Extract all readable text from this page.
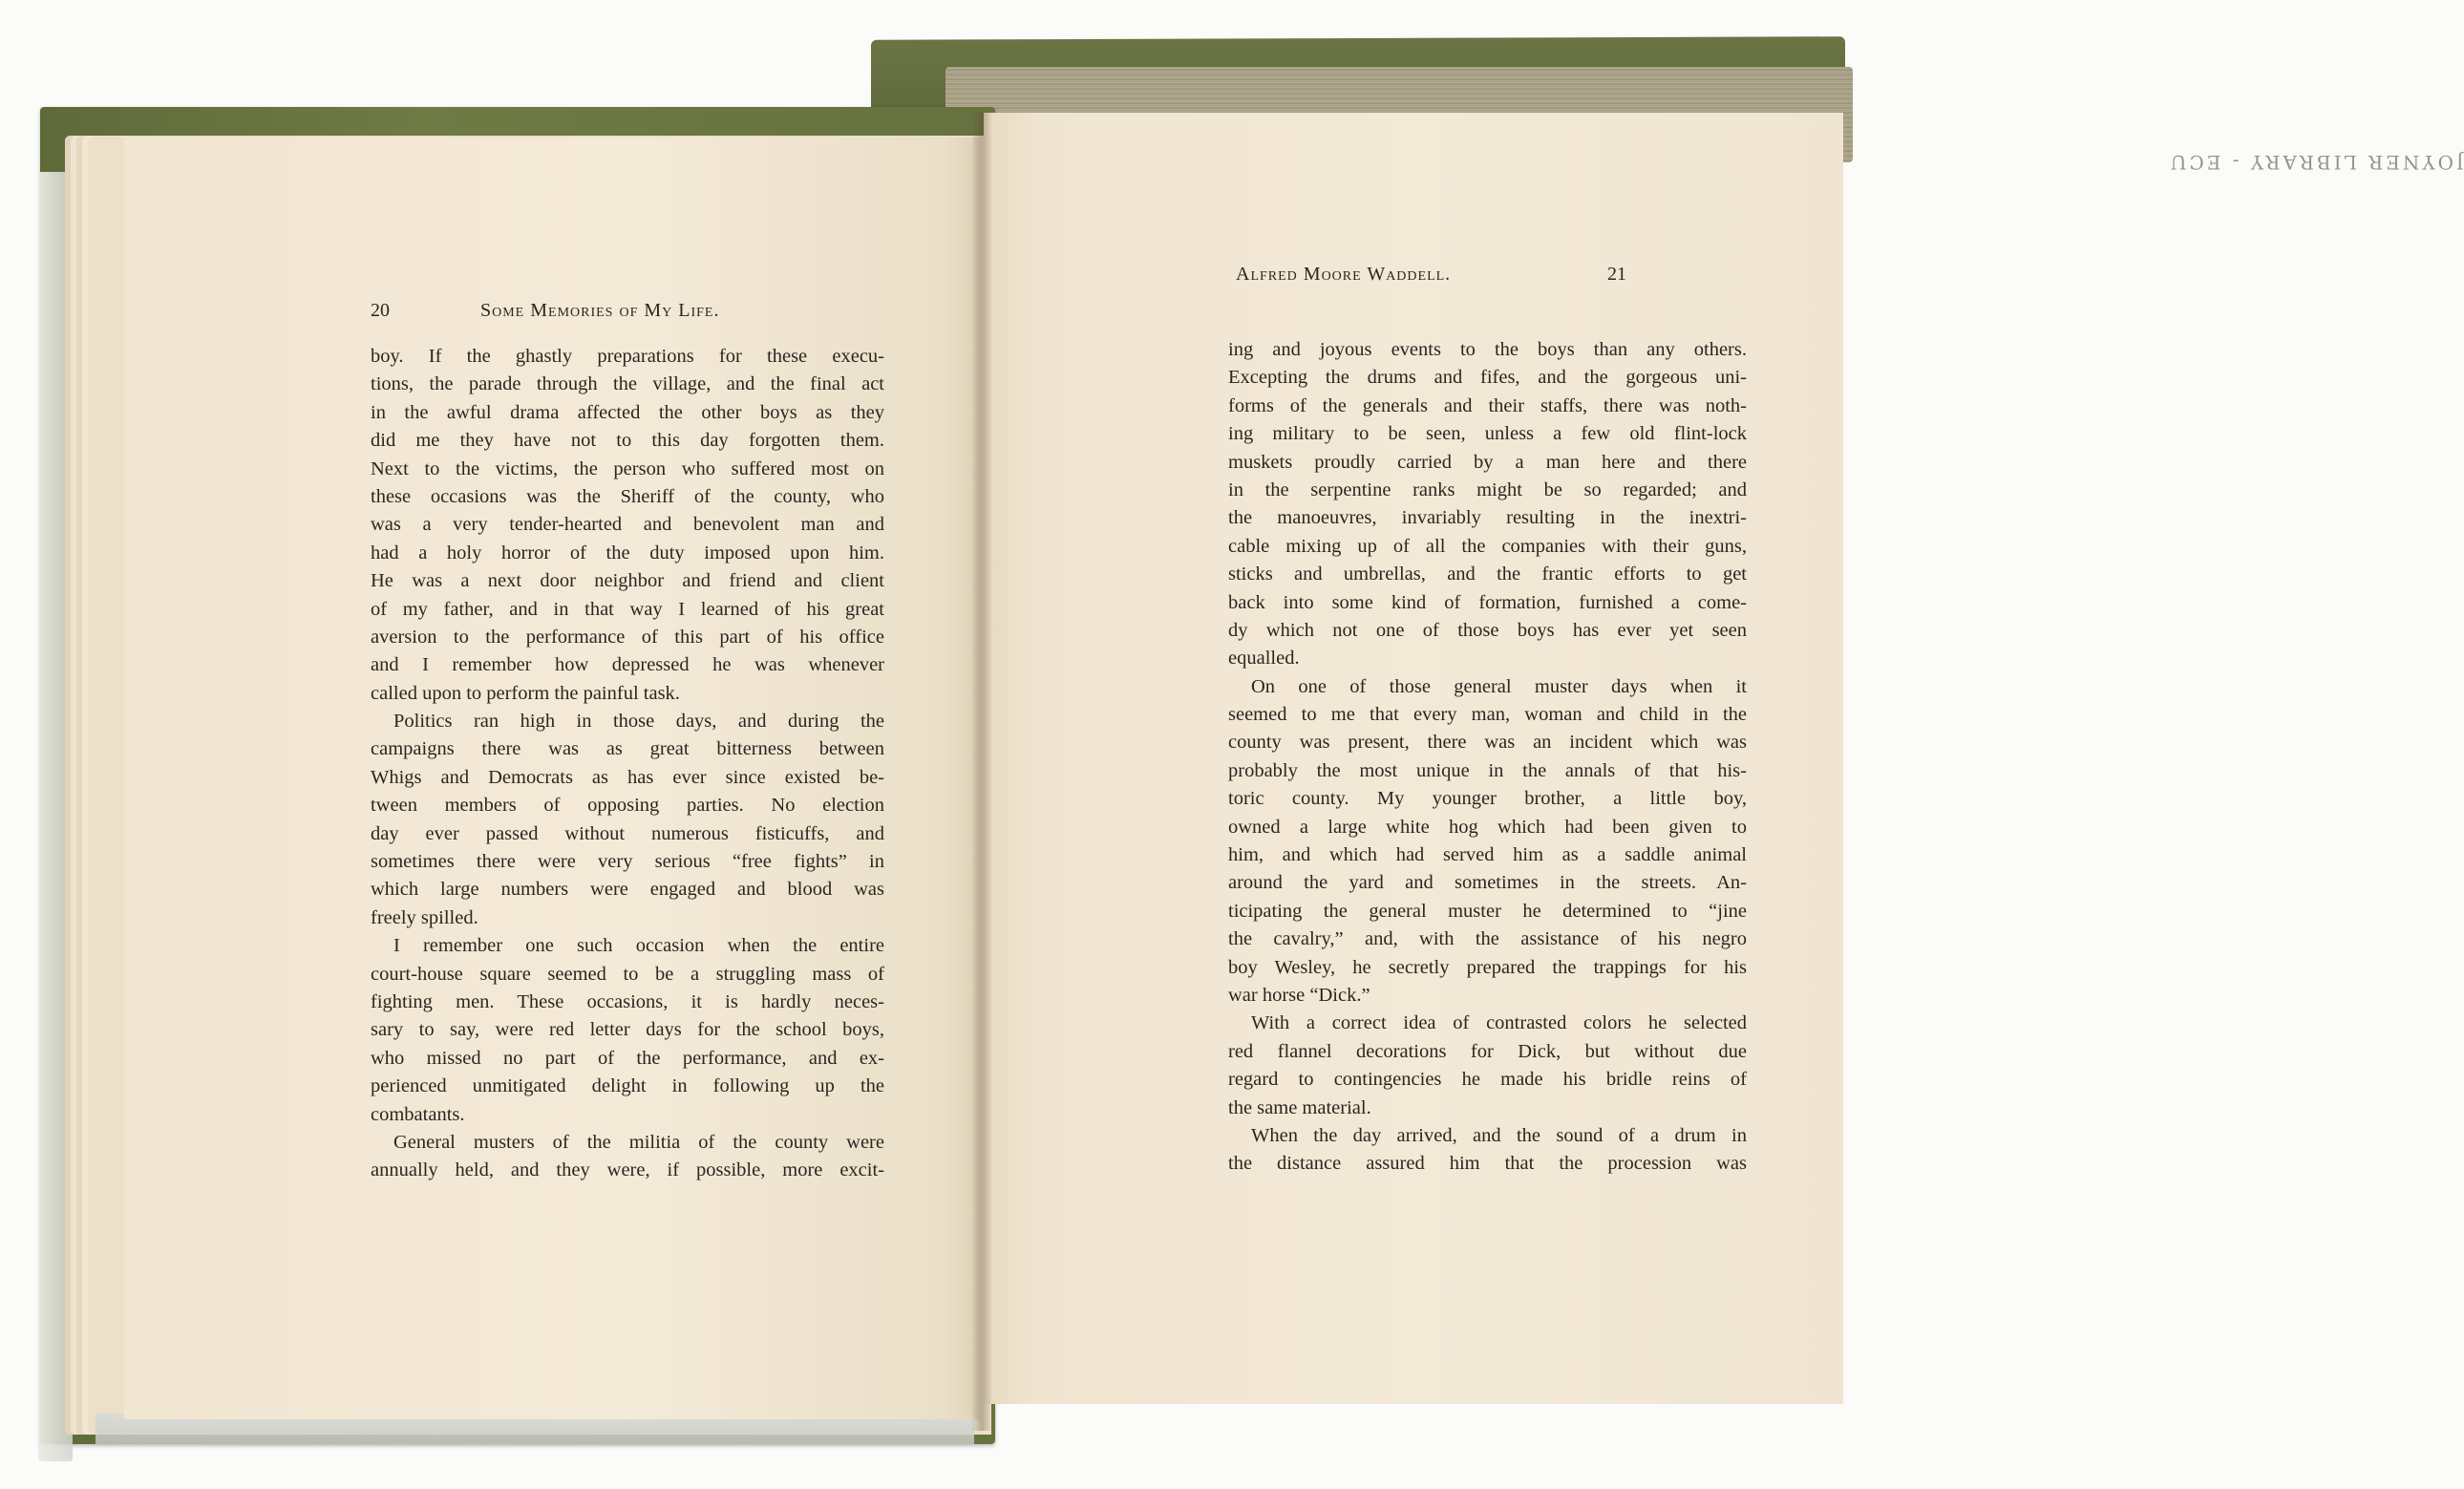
JOYNER LIBRARY - ECU
20	Some Memories of My Life.
boy. If the ghastly preparations for these execu-
tions, the parade through the village, and the final act
in the awful drama affected the other boys as they
did me they have not to this day forgotten them.
Next to the victims, the person who suffered most on
these occasions was the Sheriff of the county, who
was a very tender-hearted and benevolent man and
had a holy horror of the duty imposed upon him.
He was a next door neighbor and friend and client
of my father, and in that way I learned of his great
aversion to the performance of this part of his office
and I remember how depressed he was whenever
called upon to perform the painful task.
Politics ran high in those days, and during the
campaigns there was as great bitterness between
Whigs and Democrats as has ever since existed be-
tween members of opposing parties. No election
day ever passed without numerous fisticuffs, and
sometimes there were very serious “free fights” in
which large numbers were engaged and blood was
freely spilled.
I remember one such occasion when the entire
court-house square seemed to be a struggling mass of
fighting men. These occasions, it is hardly neces-
sary to say, were red letter days for the school boys,
who missed no part of the performance, and ex-
perienced unmitigated delight in following up the
combatants.
General musters of the militia of the county were
annually held, and they were, if possible, more excit-
Alfred Moore Waddell.	21
ing and joyous events to the boys than any others.
Excepting the drums and fifes, and the gorgeous uni-
forms of the generals and their staffs, there was noth-
ing military to be seen, unless a few old flint-lock
muskets proudly carried by a man here and there
in the serpentine ranks might be so regarded; and
the manoeuvres, invariably resulting in the inextri-
cable mixing up of all the companies with their guns,
sticks and umbrellas, and the frantic efforts to get
back into some kind of formation, furnished a come-
dy which not one of those boys has ever yet seen
equalled.
On one of those general muster days when it
seemed to me that every man, woman and child in the
county was present, there was an incident which was
probably the most unique in the annals of that his-
toric county. My younger brother, a little boy,
owned a large white hog which had been given to
him, and which had served him as a saddle animal
around the yard and sometimes in the streets. An-
ticipating the general muster he determined to “jine
the cavalry,” and, with the assistance of his negro
boy Wesley, he secretly prepared the trappings for his
war horse “Dick.”
With a correct idea of contrasted colors he selected
red flannel decorations for Dick, but without due
regard to contingencies he made his bridle reins of
the same material.
When the day arrived, and the sound of a drum in
the distance assured him that the procession was
